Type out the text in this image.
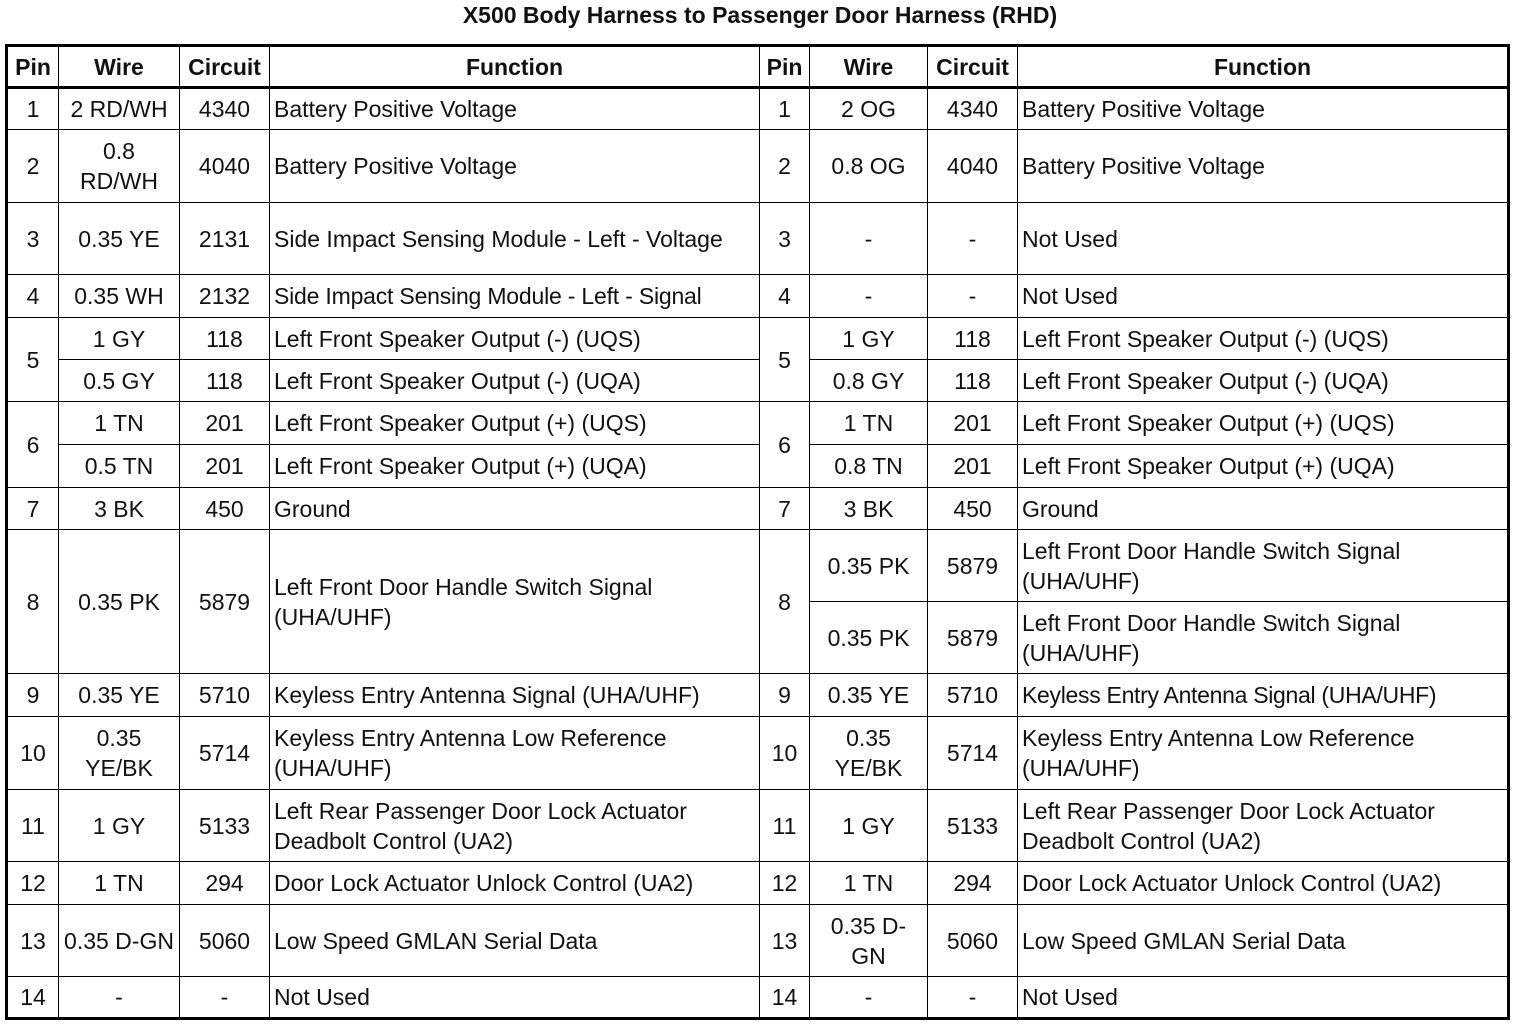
X500 Body Harness to Passenger Door Harness (RHD)
Pin	Wire	Circuit	Function	Pin	Wire	Circuit	Function
1	2 RD/WH	4340	Battery Positive Voltage	1	2 OG	4340	Battery Positive Voltage
2	0.8 RD/WH	4040	Battery Positive Voltage	2	0.8 OG	4040	Battery Positive Voltage
3	0.35 YE	2131	Side Impact Sensing Module - Left - Voltage	3	-	-	Not Used
4	0.35 WH	2132	Side Impact Sensing Module - Left - Signal	4	-	-	Not Used
5	1 GY	118	Left Front Speaker Output (-) (UQS)	5	1 GY	118	Left Front Speaker Output (-) (UQS)
	0.5 GY	118	Left Front Speaker Output (-) (UQA)		0.8 GY	118	Left Front Speaker Output (-) (UQA)
6	1 TN	201	Left Front Speaker Output (+) (UQS)	6	1 TN	201	Left Front Speaker Output (+) (UQS)
	0.5 TN	201	Left Front Speaker Output (+) (UQA)		0.8 TN	201	Left Front Speaker Output (+) (UQA)
7	3 BK	450	Ground	7	3 BK	450	Ground
8	0.35 PK	5879	Left Front Door Handle Switch Signal (UHA/UHF)	8	0.35 PK	5879	Left Front Door Handle Switch Signal (UHA/UHF)
					0.35 PK	5879	Left Front Door Handle Switch Signal (UHA/UHF)
9	0.35 YE	5710	Keyless Entry Antenna Signal (UHA/UHF)	9	0.35 YE	5710	Keyless Entry Antenna Signal (UHA/UHF)
10	0.35 YE/BK	5714	Keyless Entry Antenna Low Reference (UHA/UHF)	10	0.35 YE/BK	5714	Keyless Entry Antenna Low Reference (UHA/UHF)
11	1 GY	5133	Left Rear Passenger Door Lock Actuator Deadbolt Control (UA2)	11	1 GY	5133	Left Rear Passenger Door Lock Actuator Deadbolt Control (UA2)
12	1 TN	294	Door Lock Actuator Unlock Control (UA2)	12	1 TN	294	Door Lock Actuator Unlock Control (UA2)
13	0.35 D-GN	5060	Low Speed GMLAN Serial Data	13	0.35 D-GN	5060	Low Speed GMLAN Serial Data
14	-	-	Not Used	14	-	-	Not Used
